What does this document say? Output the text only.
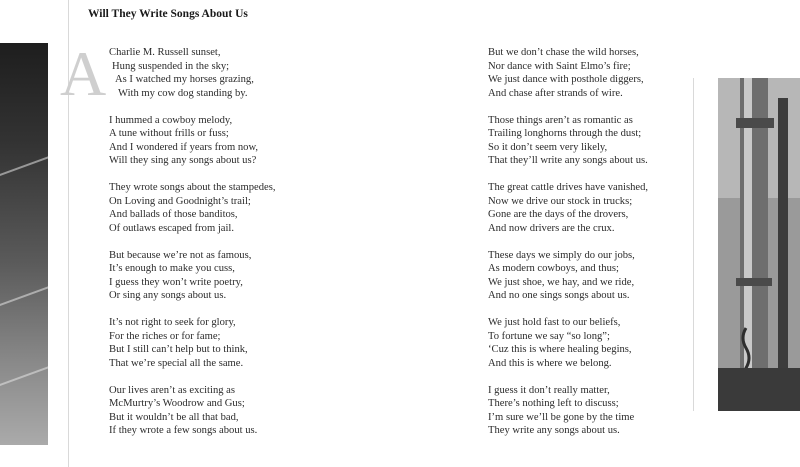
Will They Write Songs About Us
A Charlie M. Russell sunset,
Hung suspended in the sky;
As I watched my horses grazing,
With my cow dog standing by.
I hummed a cowboy melody,
A tune without frills or fuss;
And I wondered if years from now,
Will they sing any songs about us?
They wrote songs about the stampedes,
On Loving and Goodnight’s trail;
And ballads of those banditos,
Of outlaws escaped from jail.
But because we’re not as famous,
It’s enough to make you cuss,
I guess they won’t write poetry,
Or sing any songs about us.
It’s not right to seek for glory,
For the riches or for fame;
But I still can’t help but to think,
That we’re special all the same.
Our lives aren’t as exciting as
McMurtry’s Woodrow and Gus;
But it wouldn’t be all that bad,
If they wrote a few songs about us.
But we don’t chase the wild horses,
Nor dance with Saint Elmo’s fire;
We just dance with posthole diggers,
And chase after strands of wire.
Those things aren’t as romantic as
Trailing longhorns through the dust;
So it don’t seem very likely,
That they’ll write any songs about us.
The great cattle drives have vanished,
Now we drive our stock in trucks;
Gone are the days of the drovers,
And now drivers are the crux.
These days we simply do our jobs,
As modern cowboys, and thus;
We just shoe, we hay, and we ride,
And no one sings songs about us.
We just hold fast to our beliefs,
To fortune we say “so long”;
‘Cuz this is where healing begins,
And this is where we belong.
I guess it don’t really matter,
There’s nothing left to discuss;
I’m sure we’ll be gone by the time
They write any songs about us.
